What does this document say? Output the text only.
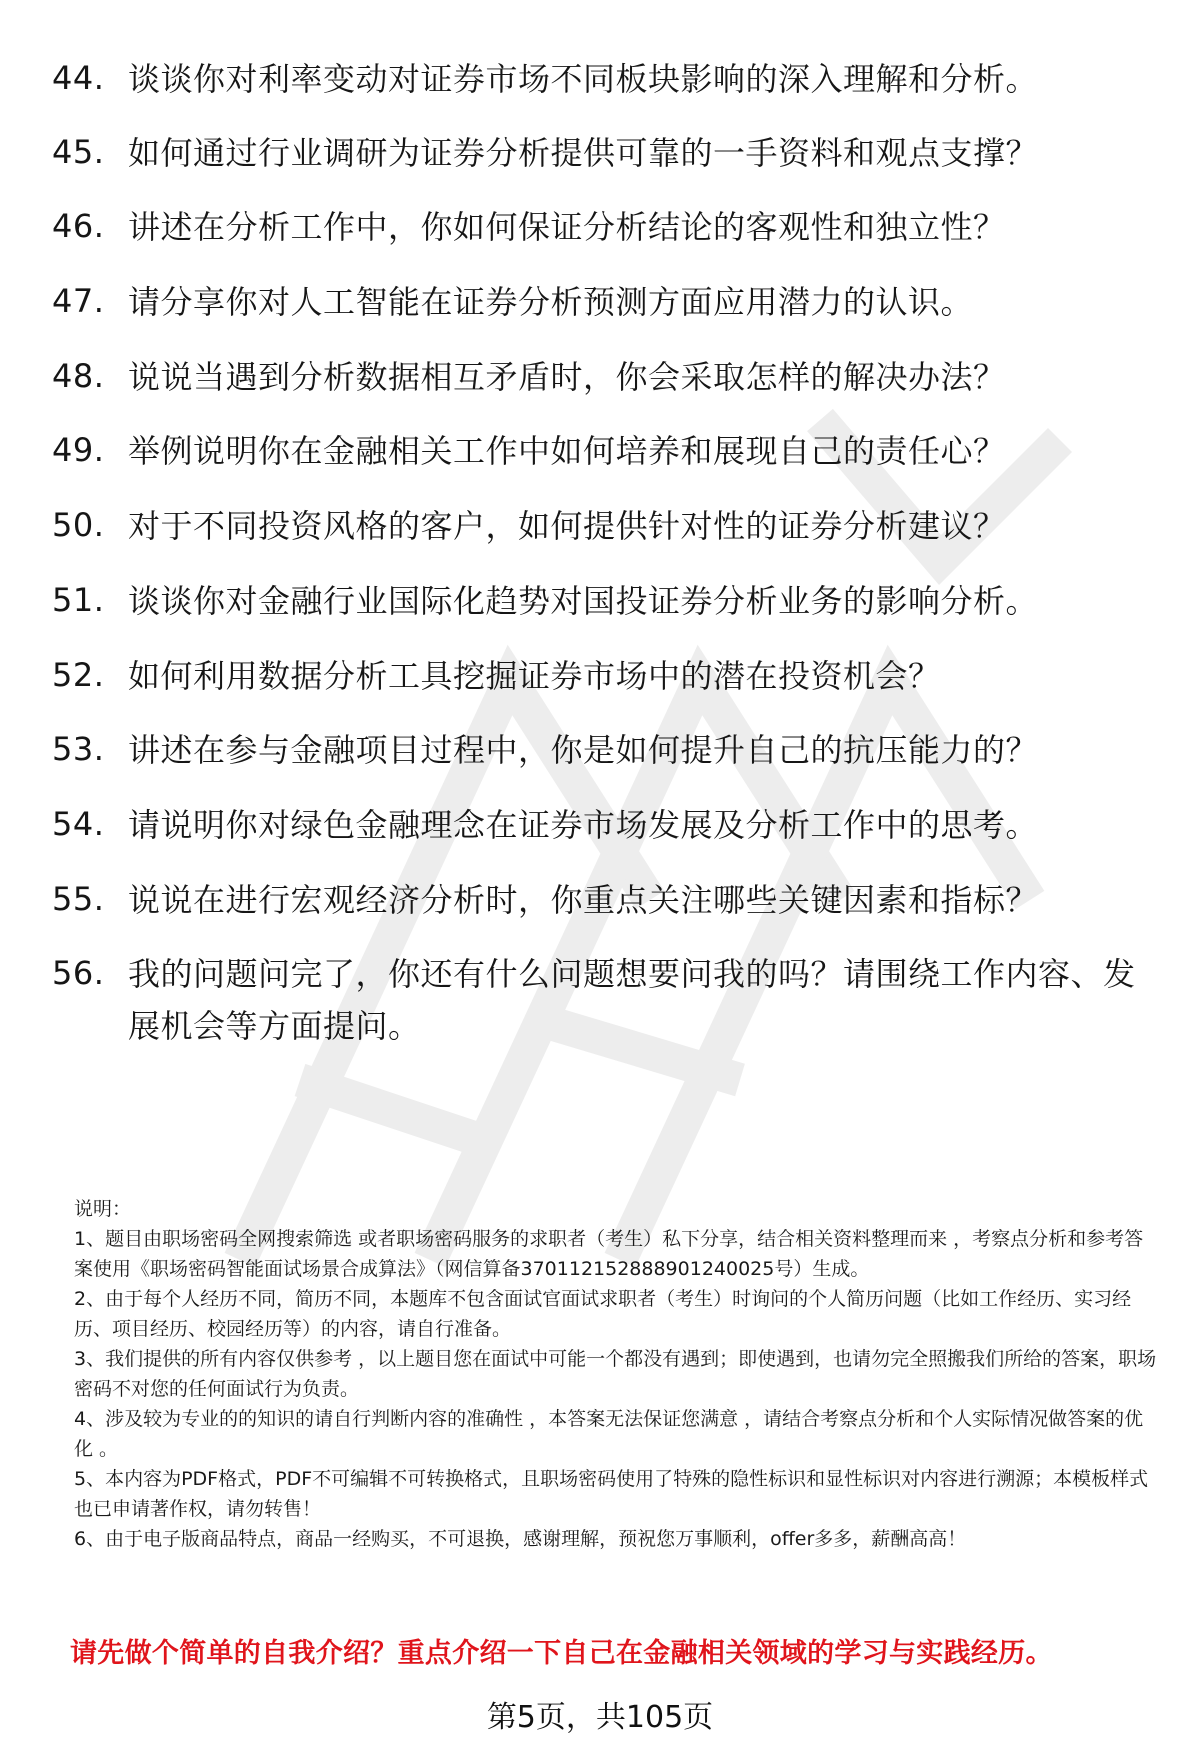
44. 谈谈你对利率变动对证券市场不同板块影响的深入理解和分析。
45. 如何通过行业调研为证券分析提供可靠的一手资料和观点支撑？
46. 讲述在分析工作中，你如何保证分析结论的客观性和独立性？
47. 请分享你对人工智能在证券分析预测方面应用潜力的认识。
48. 说说当遇到分析数据相互矛盾时，你会采取怎样的解决办法？
49. 举例说明你在金融相关工作中如何培养和展现自己的责任心？
50. 对于不同投资风格的客户，如何提供针对性的证券分析建议？
51. 谈谈你对金融行业国际化趋势对国投证券分析业务的影响分析。
52. 如何利用数据分析工具挖掘证券市场中的潜在投资机会？
53. 讲述在参与金融项目过程中，你是如何提升自己的抗压能力的？
54. 请说明你对绿色金融理念在证券市场发展及分析工作中的思考。
55. 说说在进行宏观经济分析时，你重点关注哪些关键因素和指标？
56. 我的问题问完了，你还有什么问题想要问我的吗？请围绕工作内容、发展机会等方面提问。

说明：

1、题目由职场密码全网搜索筛选 或者职场密码服务的求职者（考生）私下分享，结合相关资料整理而来 ，考察点分析和参考答案使用《职场密码智能面试场景合成算法》（网信算备370112152888901240025号）生成。

2、由于每个人经历不同，简历不同，本题库不包含面试官面试求职者（考生）时询问的个人简历问题（比如工作经历、实习经历、项目经历、校园经历等）的内容，请自行准备。

3、我们提供的所有内容仅供参考 ，以上题目您在面试中可能一个都没有遇到；即使遇到，也请勿完全照搬我们所给的答案，职场密码不对您的任何面试行为负责。

4、涉及较为专业的的知识的请自行判断内容的准确性 ，本答案无法保证您满意 ，请结合考察点分析和个人实际情况做答案的优化 。

5、本内容为PDF格式，PDF不可编辑不可转换格式，且职场密码使用了特殊的隐性标识和显性标识对内容进行溯源；本模板样式也已申请著作权，请勿转售！

6、由于电子版商品特点，商品一经购买，不可退换，感谢理解，预祝您万事顺利，offer多多，薪酬高高！

请先做个简单的自我介绍？重点介绍一下自己在金融相关领域的学习与实践经历。
第5页，共105页
